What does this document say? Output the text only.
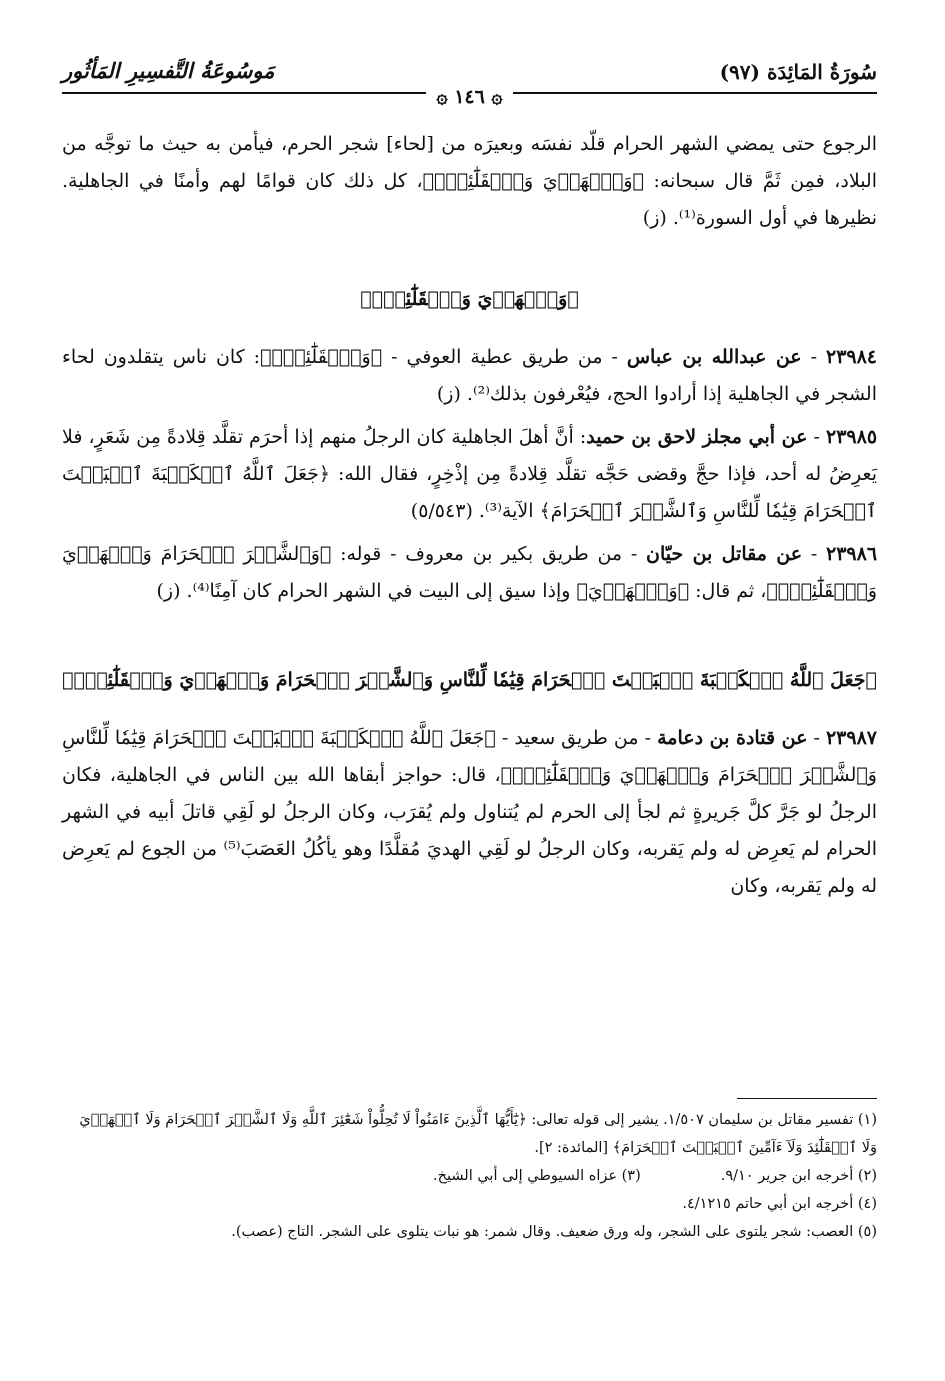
سُورَةُ المَائِدَة (٩٧)
مَوسُوعَةُ التَّفسِيرِ المَأثُور
۞ ١٤٦ ۞

الرجوع حتى يمضي الشهر الحرام قلّد نفسَه وبعيرَه من [لحاء] شجر الحرم، فيأمن به حيث ما توجَّه من البلاد، فمِن ثَمَّ قال سبحانه: ﴿وَٱلۡهَدۡيَ وَٱلۡقَلَٰٓئِدَۚ﴾، كل ذلك كان قوامًا لهم وأمنًا في الجاهلية. نظيرها في أول السورة⁽¹⁾. (ز)

﴿وَٱلۡهَدۡيَ وَٱلۡقَلَٰٓئِدَۚ﴾

٢٣٩٨٤ - عن عبدالله بن عباس - من طريق عطية العوفي - ﴿وَٱلۡقَلَٰٓئِدَۚ﴾: كان ناس يتقلدون لحاء الشجر في الجاهلية إذا أرادوا الحج، فيُعْرفون بذلك⁽²⁾. (ز)

٢٣٩٨٥ - عن أبي مجلز لاحق بن حميد: أنَّ أهلَ الجاهلية كان الرجلُ منهم إذا أحرَم تقلَّد قِلادةً مِن شَعَرٍ، فلا يَعرِضُ له أحد، فإذا حجَّ وقضى حَجَّه تقلَّد قِلادةً مِن إذْخِرٍ، فقال الله: ﴿جَعَلَ ٱللَّهُ ٱلۡكَعۡبَةَ ٱلۡبَيۡتَ ٱلۡحَرَامَ قِيَٰمٗا لِّلنَّاسِ وَٱلشَّهۡرَ ٱلۡحَرَامَ﴾ الآية⁽³⁾. (٥/٥٤٣)

٢٣٩٨٦ - عن مقاتل بن حيّان - من طريق بكير بن معروف - قوله: ﴿وَٱلشَّهۡرَ ٱلۡحَرَامَ وَٱلۡهَدۡيَ وَٱلۡقَلَٰٓئِدَۚ﴾، ثم قال: ﴿وَٱلۡهَدۡيَ﴾ وإذا سيق إلى البيت في الشهر الحرام كان آمِنًا⁽⁴⁾. (ز)

﴿جَعَلَ ٱللَّهُ ٱلۡكَعۡبَةَ ٱلۡبَيۡتَ ٱلۡحَرَامَ قِيَٰمٗا لِّلنَّاسِ وَٱلشَّهۡرَ ٱلۡحَرَامَ وَٱلۡهَدۡيَ وَٱلۡقَلَٰٓئِدَۚ﴾

٢٣٩٨٧ - عن قتادة بن دعامة - من طريق سعيد - ﴿جَعَلَ ٱللَّهُ ٱلۡكَعۡبَةَ ٱلۡبَيۡتَ ٱلۡحَرَامَ قِيَٰمٗا لِّلنَّاسِ وَٱلشَّهۡرَ ٱلۡحَرَامَ وَٱلۡهَدۡيَ وَٱلۡقَلَٰٓئِدَۚ﴾، قال: حواجز أبقاها الله بين الناس في الجاهلية، فكان الرجلُ لو جَرَّ كلَّ جَريرةٍ ثم لجأ إلى الحرم لم يُتناول ولم يُقرَب، وكان الرجلُ لو لَقِي قاتلَ أبيه في الشهر الحرام لم يَعرِض له ولم يَقربه، وكان الرجلُ لو لَقِي الهديَ مُقلَّدًا وهو يأكُلُ العَصَبَ⁽⁵⁾ من الجوع لم يَعرِض له ولم يَقربه، وكان

(١) تفسير مقاتل بن سليمان ١/٥٠٧. يشير إلى قوله تعالى: ﴿يَٰٓأَيُّهَا ٱلَّذِينَ ءَامَنُواْ لَا تُحِلُّواْ شَعَٰٓئِرَ ٱللَّهِ وَلَا ٱلشَّهۡرَ ٱلۡحَرَامَ وَلَا ٱلۡهَدۡيَ وَلَا ٱلۡقَلَٰٓئِدَ وَلَآ ءَآمِّينَ ٱلۡبَيۡتَ ٱلۡحَرَامَ﴾ [المائدة: ٢].
(٢) أخرجه ابن جرير ٩/١٠.
(٣) عزاه السيوطي إلى أبي الشيخ.
(٤) أخرجه ابن أبي حاتم ٤/١٢١٥.
(٥) العصب: شجر يلتوى على الشجر، وله ورق ضعيف. وقال شمر: هو نبات يتلوى على الشجر. التاج (عصب).
